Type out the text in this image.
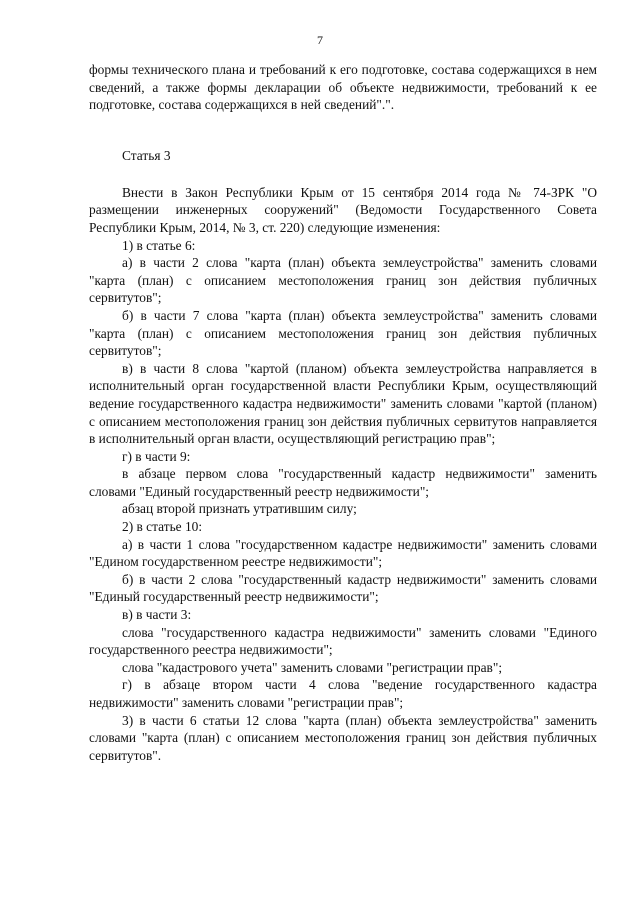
7

формы технического плана и требований к его подготовке, состава содержащихся в нем сведений, а также формы декларации об объекте недвижимости, требований к ее подготовке, состава содержащихся в ней сведений".".

Статья 3

Внести в Закон Республики Крым от 15 сентября 2014 года № 74-ЗРК "О размещении инженерных сооружений" (Ведомости Государственного Совета Республики Крым, 2014, № 3, ст. 220) следующие изменения:

1) в статье 6:

а) в части 2 слова "карта (план) объекта землеустройства" заменить словами "карта (план) с описанием местоположения границ зон действия публичных сервитутов";

б) в части 7 слова "карта (план) объекта землеустройства" заменить словами "карта (план) с описанием местоположения границ зон действия публичных сервитутов";

в) в части 8 слова "картой (планом) объекта землеустройства направляется в исполнительный орган государственной власти Республики Крым, осуществляющий ведение государственного кадастра недвижимости" заменить словами "картой (планом) с описанием местоположения границ зон действия публичных сервитутов направляется в исполнительный орган власти, осуществляющий регистрацию прав";

г) в части 9:

в абзаце первом слова "государственный кадастр недвижимости" заменить словами "Единый государственный реестр недвижимости";

абзац второй признать утратившим силу;

2) в статье 10:

а) в части 1 слова "государственном кадастре недвижимости" заменить словами "Едином государственном реестре недвижимости";

б) в части 2 слова "государственный кадастр недвижимости" заменить словами "Единый государственный реестр недвижимости";

в) в части 3:

слова "государственного кадастра недвижимости" заменить словами "Единого государственного реестра недвижимости";

слова "кадастрового учета" заменить словами "регистрации прав";

г) в абзаце втором части 4 слова "ведение государственного кадастра недвижимости" заменить словами "регистрации прав";

3) в части 6 статьи 12 слова "карта (план) объекта землеустройства" заменить словами "карта (план) с описанием местоположения границ зон действия публичных сервитутов".
